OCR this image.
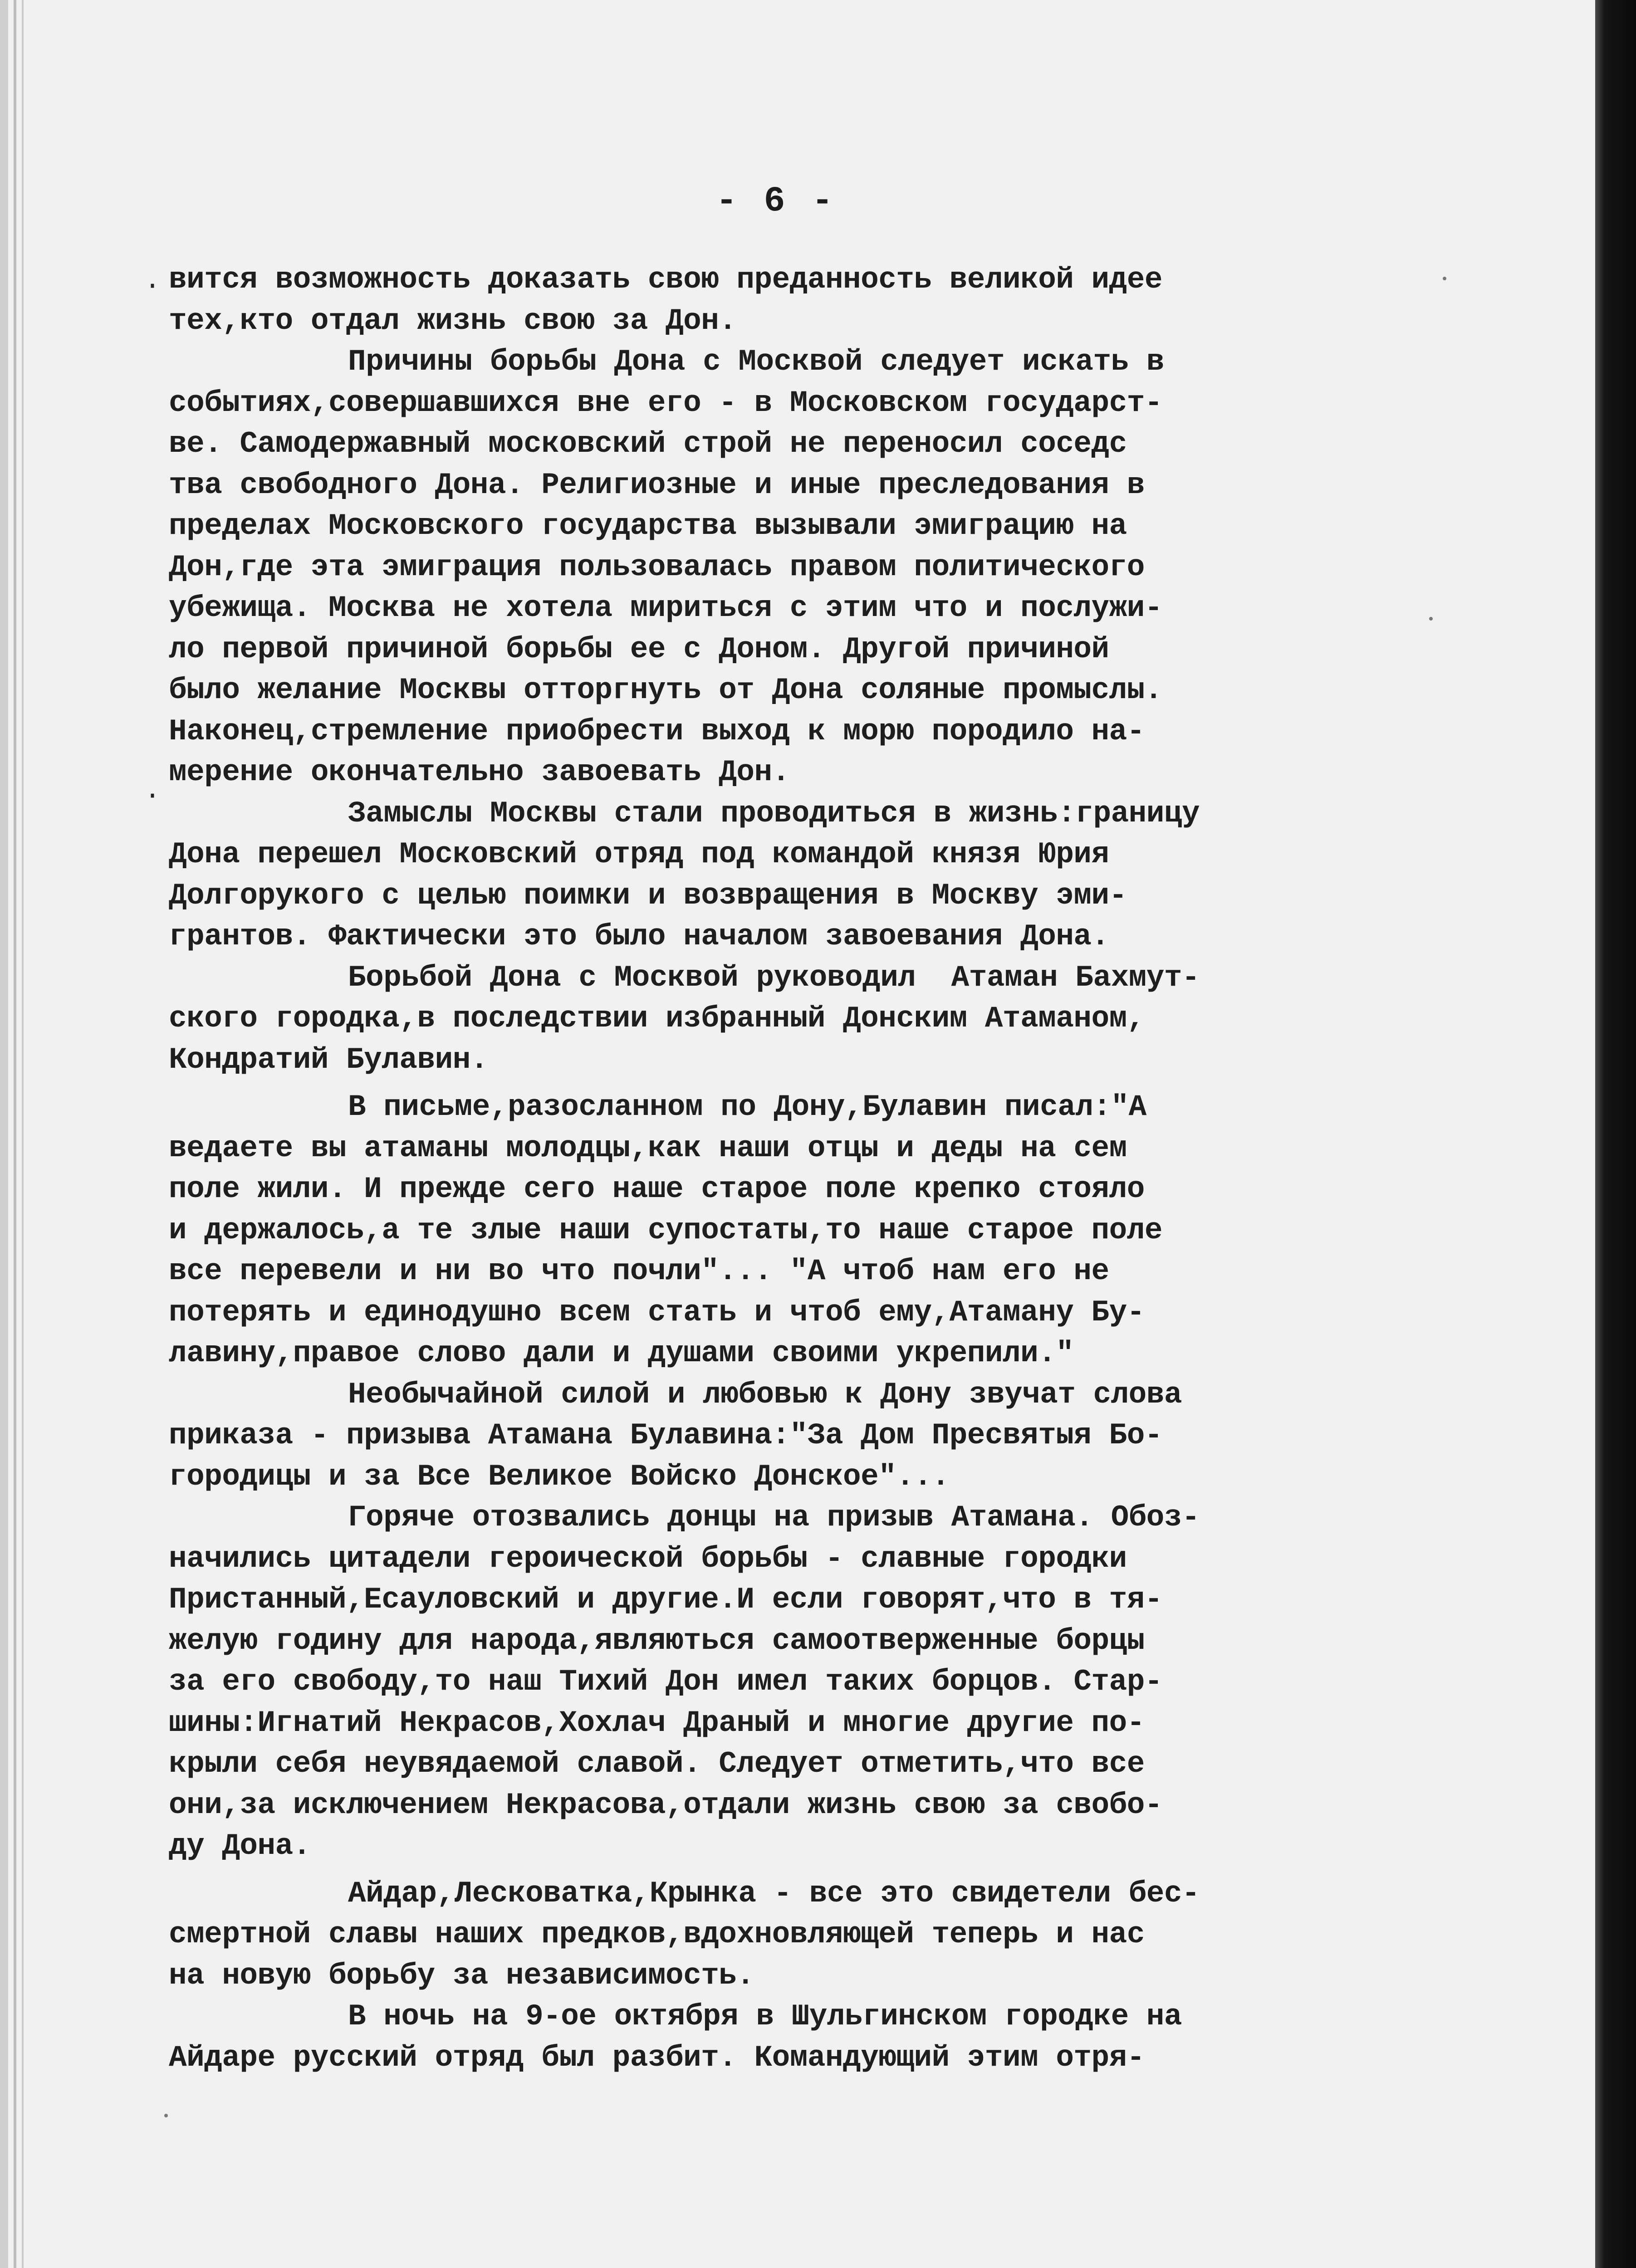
- 6 -
·
·
вится возможность доказать свою преданность великой идее
тех,кто отдал жизнь свою за Дон.
Причины борьбы Дона с Москвой следует искать в
событиях,совершавшихся вне его - в Московском государст-
ве. Самодержавный московский строй не переносил соседс
тва свободного Дона. Религиозные и иные преследования в
пределах Московского государства вызывали эмиграцию на
Дон,где эта эмиграция пользовалась правом политического
убежища. Москва не хотела мириться с этим что и послужи-
ло первой причиной борьбы ее с Доном. Другой причиной
было желание Москвы отторгнуть от Дона соляные промыслы.
Наконец,стремление приобрести выход к морю породило на-
мерение окончательно завоевать Дон.
Замыслы Москвы стали проводиться в жизнь:границу
Дона перешел Московский отряд под командой князя Юрия
Долгорукого с целью поимки и возвращения в Москву эми-
грантов. Фактически это было началом завоевания Дона.
Борьбой Дона с Москвой руководил  Атаман Бахмут-
ского городка,в последствии избранный Донским Атаманом,
Кондратий Булавин.
В письме,разосланном по Дону,Булавин писал:"А
ведаете вы атаманы молодцы,как наши отцы и деды на сем
поле жили. И прежде сего наше старое поле крепко стояло
и держалось,а те злые наши супостаты,то наше старое поле
все перевели и ни во что почли"... "А чтоб нам его не
потерять и единодушно всем стать и чтоб ему,Атаману Бу-
лавину,правое слово дали и душами своими укрепили."
Необычайной силой и любовью к Дону звучат слова
приказа - призыва Атамана Булавина:"За Дом Пресвятыя Бо-
городицы и за Все Великое Войско Донское"...
Горяче отозвались донцы на призыв Атамана. Обоз-
начились цитадели героической борьбы - славные городки
Пристанный,Есауловский и другие.И если говорят,что в тя-
желую годину для народа,являються самоотверженные борцы
за его свободу,то наш Тихий Дон имел таких борцов. Стар-
шины:Игнатий Некрасов,Хохлач Драный и многие другие по-
крыли себя неувядаемой славой. Следует отметить,что все
они,за исключением Некрасова,отдали жизнь свою за свобо-
ду Дона.
Айдар,Лесковатка,Крынка - все это свидетели бес-
смертной славы наших предков,вдохновляющей теперь и нас
на новую борьбу за независимость.
В ночь на 9-ое октября в Шульгинском городке на
Айдаре русский отряд был разбит. Командующий этим отря-
